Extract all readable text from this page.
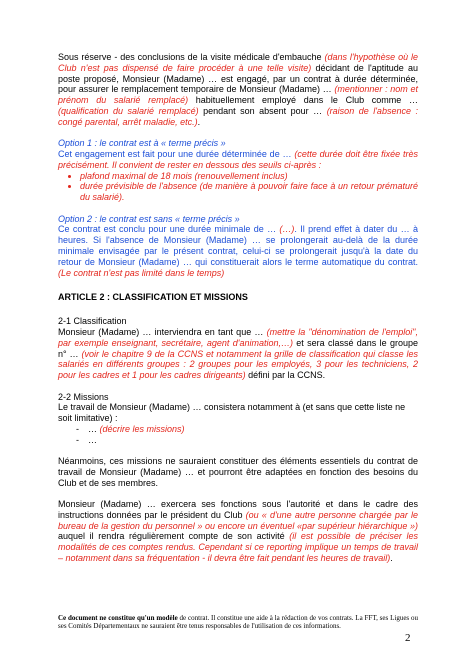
Sous réserve - des conclusions de la visite médicale d'embauche (dans l'hypothèse où le Club n'est pas dispensé de faire procéder à une telle visite) décidant de l'aptitude au poste proposé, Monsieur (Madame) … est engagé, par un contrat à durée déterminée, pour assurer le remplacement temporaire de Monsieur (Madame) … (mentionner : nom et prénom du salarié remplacé) habituellement employé dans le Club comme … (qualification du salarié remplacé) pendant son absent pour … (raison de l'absence : congé parental, arrêt maladie, etc.).

Option 1 : le contrat est à « terme précis »
Cet engagement est fait pour une durée déterminée de … (cette durée doit être fixée très précisément. Il convient de rester en dessous des seuils ci-après :
• plafond maximal de 18 mois (renouvellement inclus)
• durée prévisible de l'absence (de manière à pouvoir faire face à un retour prématuré du salarié).
Option 2 : le contrat est sans « terme précis »
Ce contrat est conclu pour une durée minimale de … (…). Il prend effet à dater du … à heures. Si l'absence de Monsieur (Madame) … se prolongerait au-delà de la durée minimale envisagée par le présent contrat, celui-ci se prolongerait jusqu'à la date du retour de Monsieur (Madame) … qui constituerait alors le terme automatique du contrat. (Le contrat n'est pas limité dans le temps)
ARTICLE 2 : CLASSIFICATION ET MISSIONS
2-1 Classification

Monsieur (Madame) … interviendra en tant que … (mettre la "dénomination de l'emploi", par exemple enseignant, secrétaire, agent d'animation,…) et sera classé dans le groupe n° … (voir le chapitre 9 de la CCNS et notamment la grille de classification qui classe les salariés en différents groupes : 2 groupes pour les employés, 3 pour les techniciens, 2 pour les cadres et 1 pour les cadres dirigeants) défini par la CCNS.

2-2 Missions
Le travail de Monsieur (Madame) … consistera notamment à (et sans que cette liste ne soit limitative) :
- … (décrire les missions)
- …

Néanmoins, ces missions ne sauraient constituer des éléments essentiels du contrat de travail de Monsieur (Madame) … et pourront être adaptées en fonction des besoins du Club et de ses membres.

Monsieur (Madame) … exercera ses fonctions sous l'autorité et dans le cadre des instructions données par le président du Club (ou « d'une autre personne chargée par le bureau de la gestion du personnel » ou encore un éventuel «par supérieur hiérarchique ») auquel il rendra régulièrement compte de son activité (il est possible de préciser les modalités de ces comptes rendus. Cependant si ce reporting implique un temps de travail – notamment dans sa fréquentation - il devra être fait pendant les heures de travail).

Ce document ne constitue qu'un modèle de contrat. Il constitue une aide à la rédaction de vos contrats. La FFT, ses Ligues ou ses Comités Départementaux ne sauraient être tenus responsables de l'utilisation de ces informations.
2
